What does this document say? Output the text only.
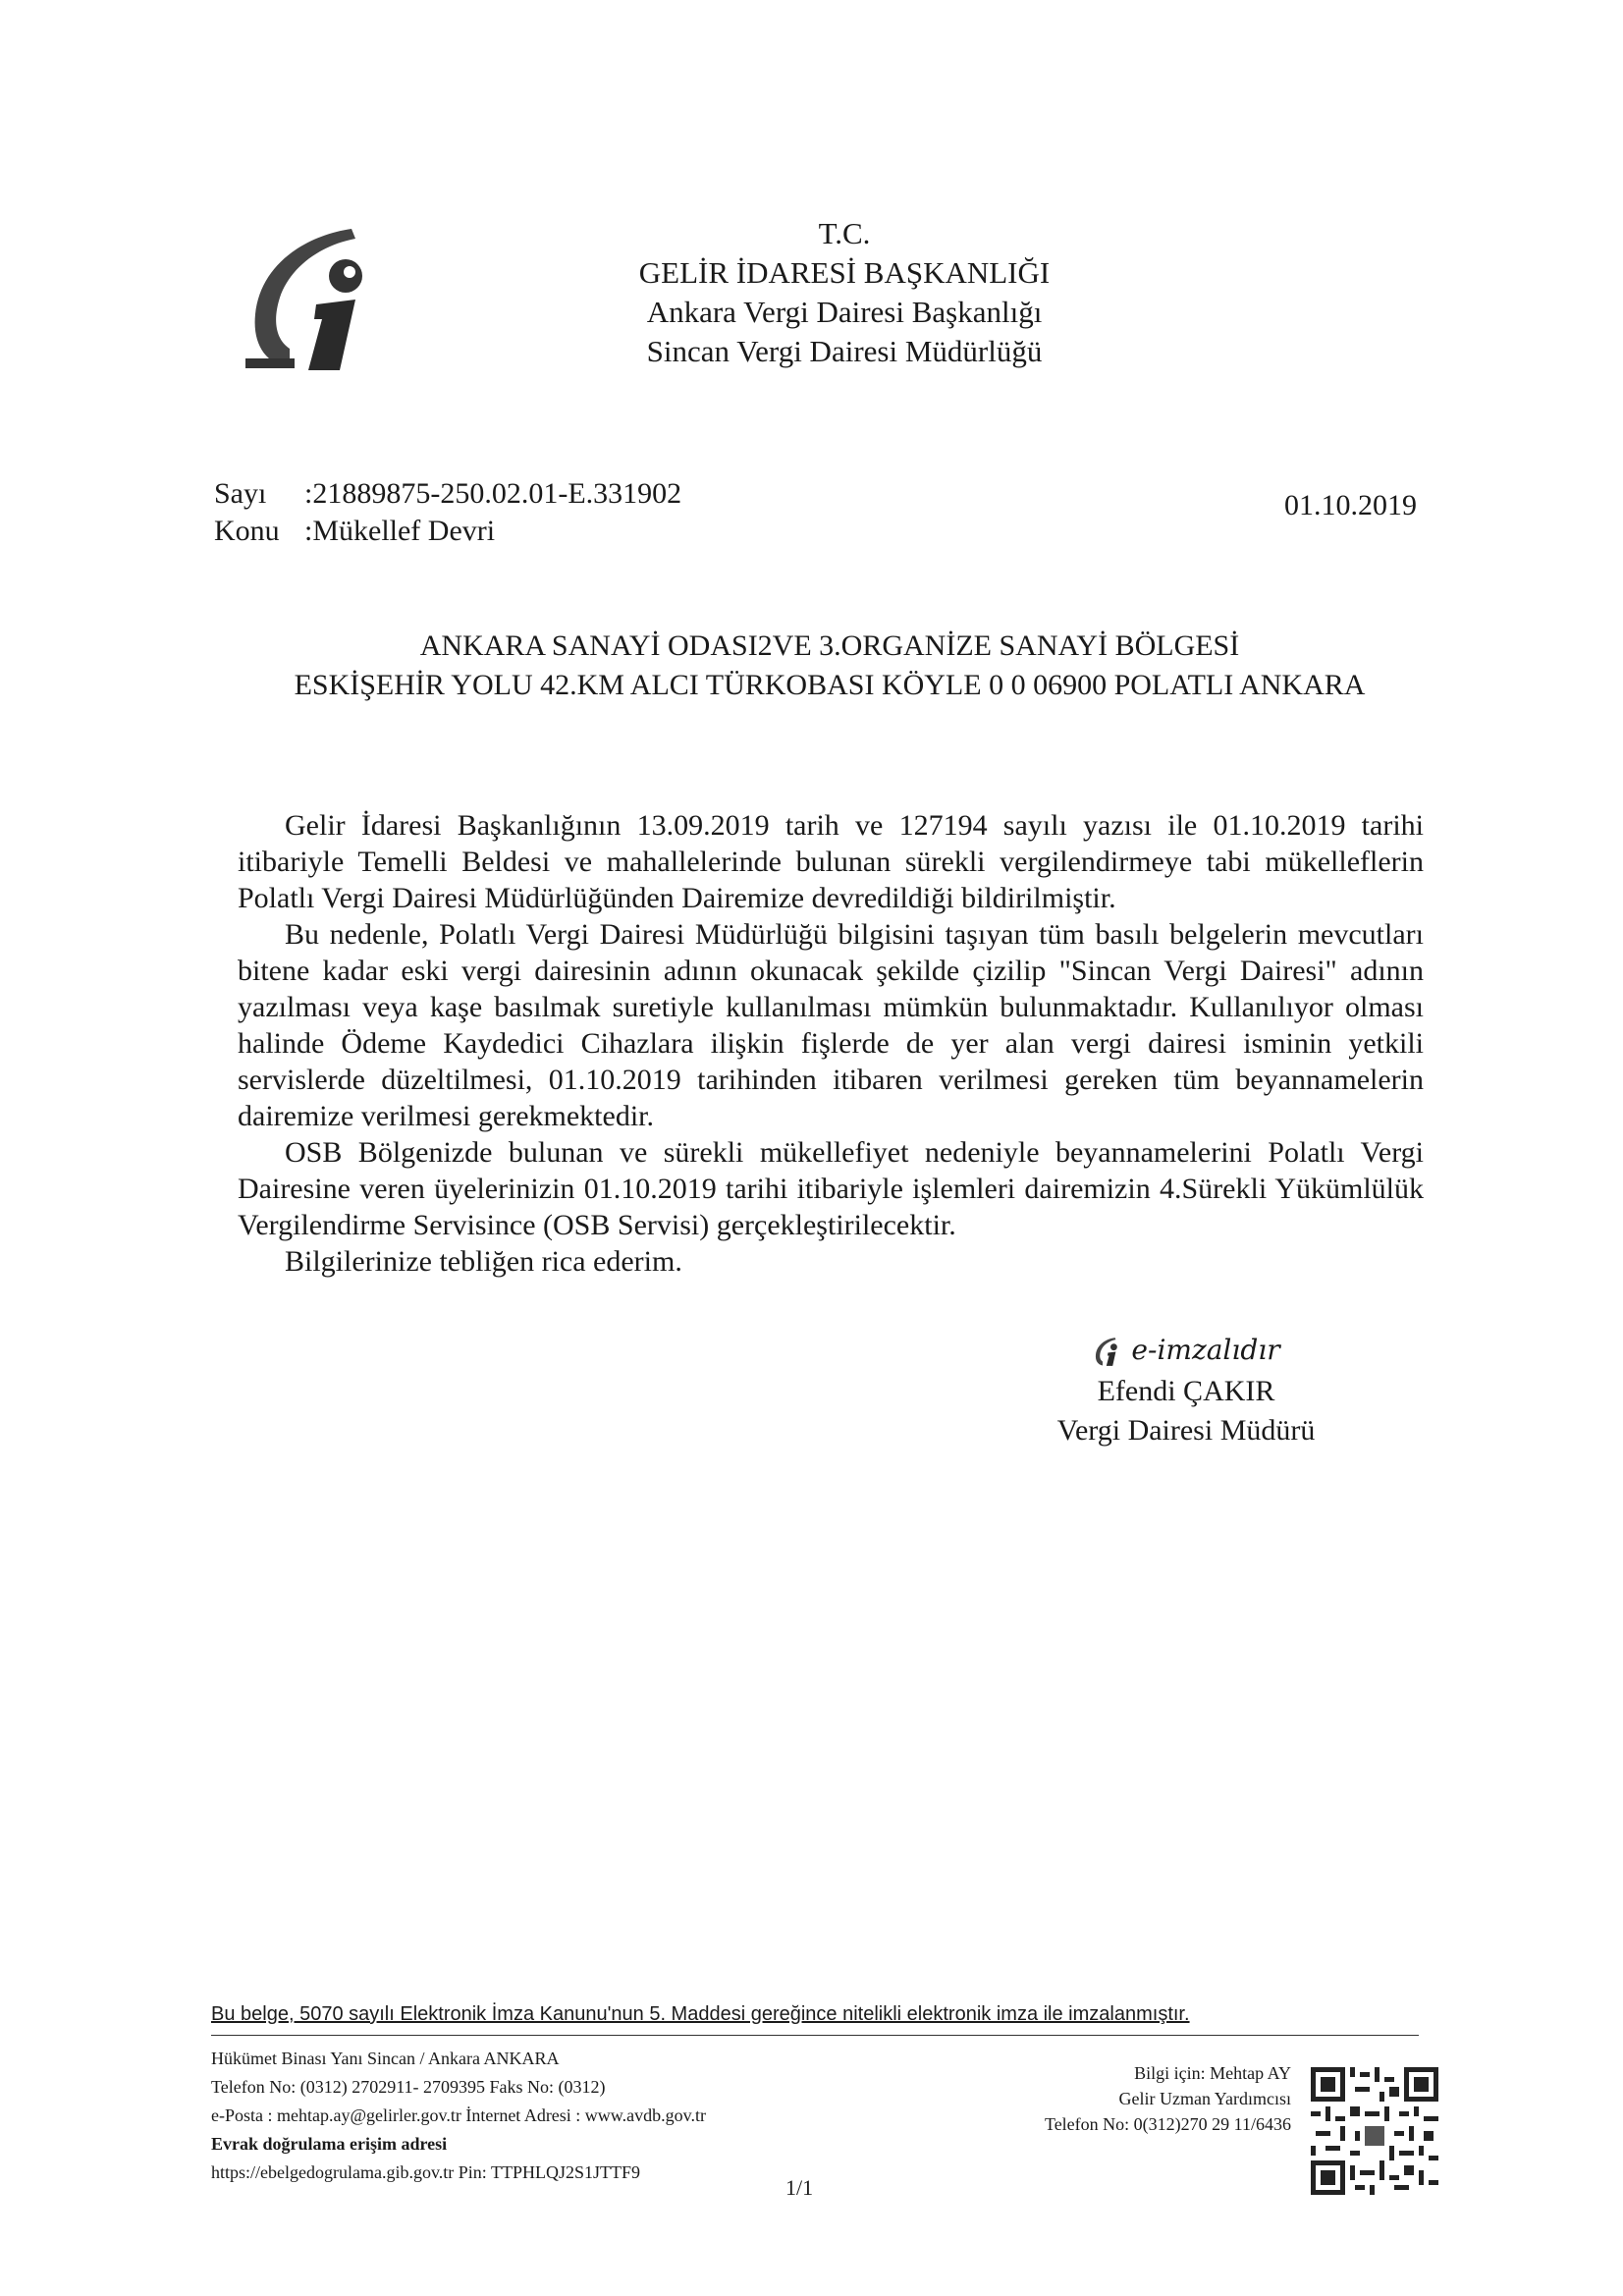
T.C.
GELİR İDARESİ BAŞKANLIĞI
Ankara Vergi Dairesi Başkanlığı
Sincan Vergi Dairesi Müdürlüğü
Sayı :21889875-250.02.01-E.331902
Konu :Mükellef Devri
01.10.2019
ANKARA SANAYİ ODASI2VE 3.ORGANİZE SANAYİ BÖLGESİ
ESKİŞEHİR YOLU 42.KM ALCI TÜRKOBASI KÖYLE 0 0 06900 POLATLI ANKARA

Gelir İdaresi Başkanlığının 13.09.2019 tarih ve 127194 sayılı yazısı ile 01.10.2019 tarihi itibariyle Temelli Beldesi ve mahallelerinde bulunan sürekli vergilendirmeye tabi mükelleflerin Polatlı Vergi Dairesi Müdürlüğünden Dairemize devredildiği bildirilmiştir.

Bu nedenle, Polatlı Vergi Dairesi Müdürlüğü bilgisini taşıyan tüm basılı belgelerin mevcutları bitene kadar eski vergi dairesinin adının okunacak şekilde çizilip "Sincan Vergi Dairesi" adının yazılması veya kaşe basılmak suretiyle kullanılması mümkün bulunmaktadır. Kullanılıyor olması halinde Ödeme Kaydedici Cihazlara ilişkin fişlerde de yer alan vergi dairesi isminin yetkili servislerde düzeltilmesi, 01.10.2019 tarihinden itibaren verilmesi gereken tüm beyannamelerin dairemize verilmesi gerekmektedir.

OSB Bölgenizde bulunan ve sürekli mükellefiyet nedeniyle beyannamelerini Polatlı Vergi Dairesine veren üyelerinizin 01.10.2019 tarihi itibariyle işlemleri dairemizin 4.Sürekli Yükümlülük Vergilendirme Servisince (OSB Servisi) gerçekleştirilecektir.

Bilgilerinize tebliğen rica ederim.

e-imzalıdır
Efendi ÇAKIR
Vergi Dairesi Müdürü
Bu belge, 5070 sayılı Elektronik İmza Kanunu'nun 5. Maddesi gereğince nitelikli elektronik imza ile imzalanmıştır.
Hükümet Binası Yanı Sincan / Ankara ANKARA
Telefon No: (0312) 2702911- 2709395 Faks No: (0312)
e-Posta : mehtap.ay@gelirler.gov.tr İnternet Adresi : www.avdb.gov.tr
Evrak doğrulama erişim adresi
https://ebelgedogrulama.gib.gov.tr Pin: TTPHLQJ2S1JTTF9
Bilgi için: Mehtap AY
Gelir Uzman Yardımcısı
Telefon No: 0(312)270 29 11/6436
1/1
